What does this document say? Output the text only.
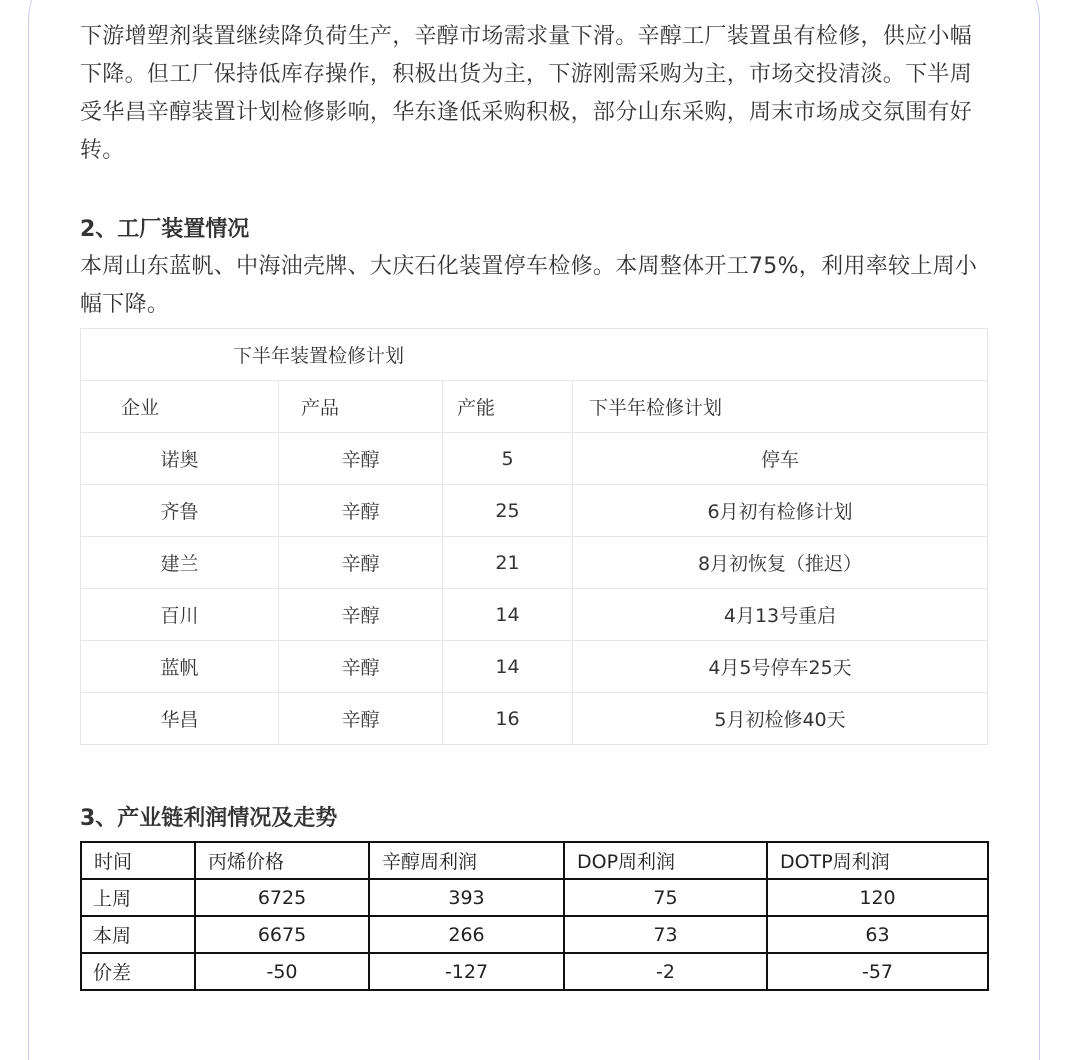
下游增塑剂装置继续降负荷生产，辛醇市场需求量下滑。辛醇工厂装置虽有检修，供应小幅下降。但工厂保持低库存操作，积极出货为主，下游刚需采购为主，市场交投清淡。下半周受华昌辛醇装置计划检修影响，华东逢低采购积极，部分山东采购，周末市场成交氛围有好转。

2、工厂装置情况

本周山东蓝帆、中海油壳牌、大庆石化装置停车检修。本周整体开工75%，利用率较上周小幅下降。

下半年装置检修计划			
企业	产品	产能	下半年检修计划
诺奥	辛醇	5	停车
齐鲁	辛醇	25	6月初有检修计划
建兰	辛醇	21	8月初恢复（推迟）
百川	辛醇	14	4月13号重启
蓝帆	辛醇	14	4月5号停车25天
华昌	辛醇	16	5月初检修40天

3、产业链利润情况及走势

时间	丙烯价格	辛醇周利润	DOP周利润	DOTP周利润
上周	6725	393	75	120
本周	6675	266	73	63
价差	-50	-127	-2	-57
